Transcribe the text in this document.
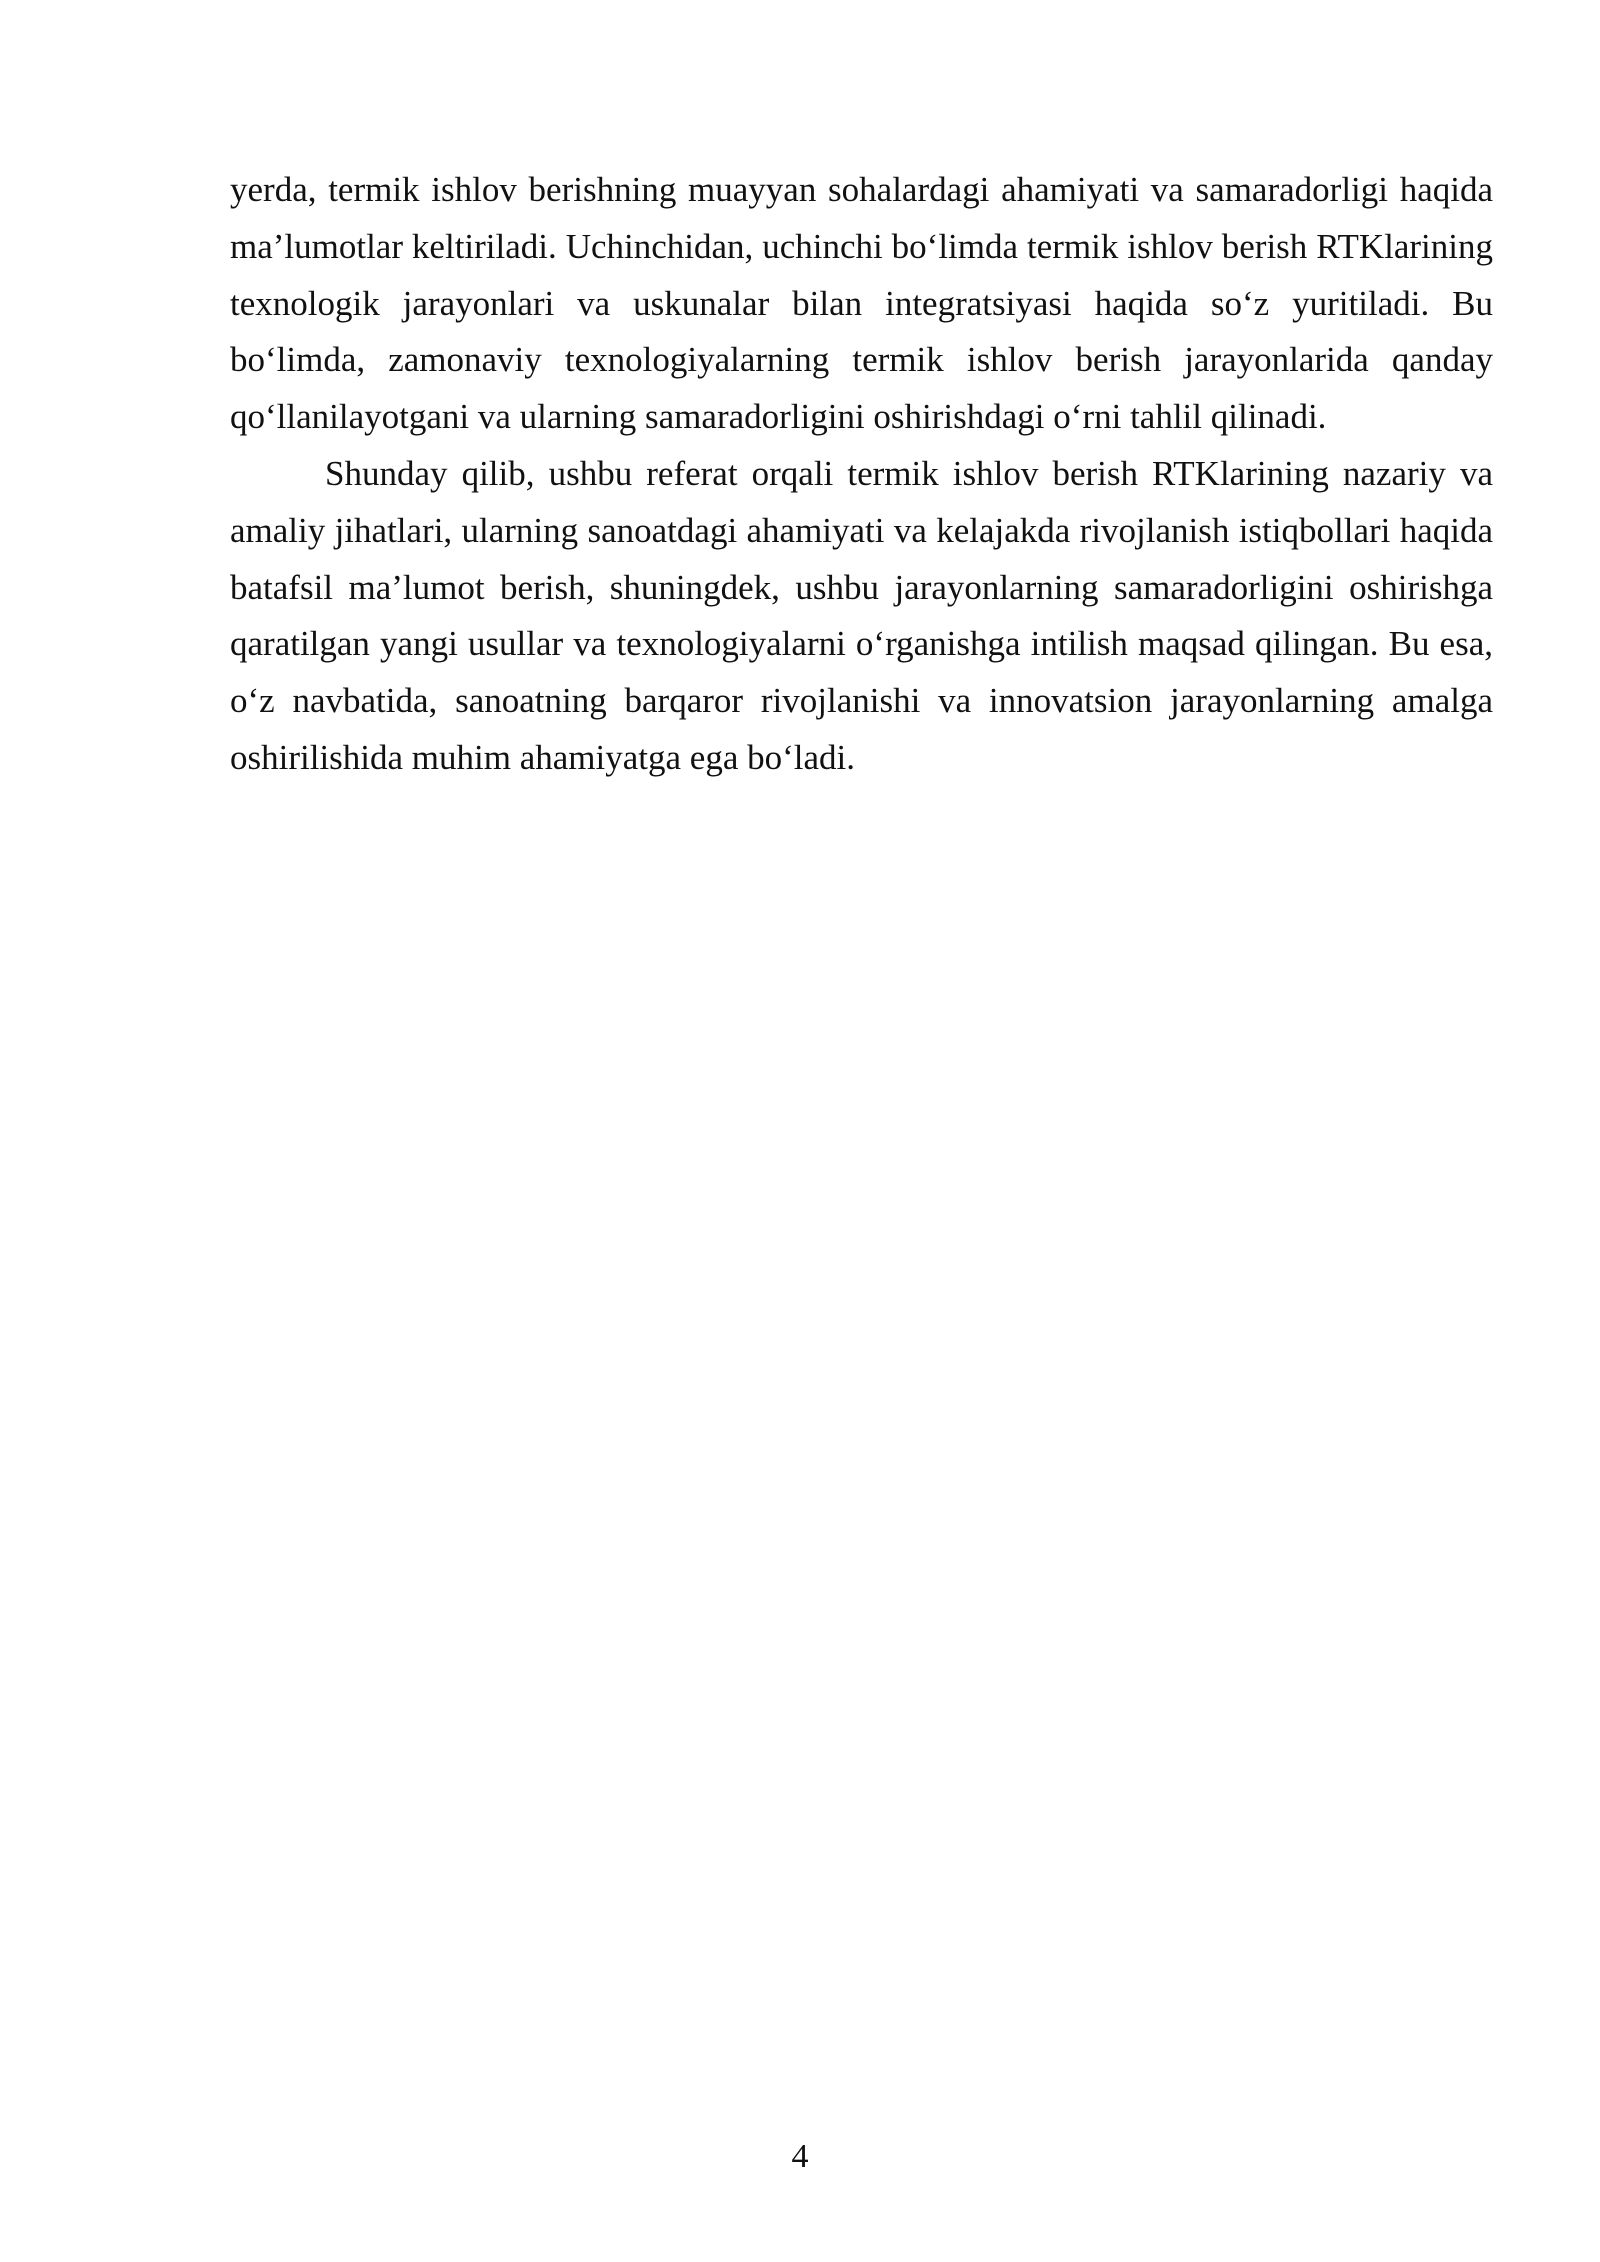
yerda, termik ishlov berishning muayyan sohalardagi ahamiyati va samaradorligi haqida ma’lumotlar keltiriladi. Uchinchidan, uchinchi bo‘limda termik ishlov berish RTKlarining texnologik jarayonlari va uskunalar bilan integratsiyasi haqida so‘z yuritiladi. Bu bo‘limda, zamonaviy texnologiyalarning termik ishlov berish jarayonlarida qanday qo‘llanilayotgani va ularning samaradorligini oshirishdagi o‘rni tahlil qilinadi.

Shunday qilib, ushbu referat orqali termik ishlov berish RTKlarining nazariy va amaliy jihatlari, ularning sanoatdagi ahamiyati va kelajakda rivojlanish istiqbollari haqida batafsil ma’lumot berish, shuningdek, ushbu jarayonlarning samaradorligini oshirishga qaratilgan yangi usullar va texnologiyalarni o‘rganishga intilish maqsad qilingan. Bu esa, o‘z navbatida, sanoatning barqaror rivojlanishi va innovatsion jarayonlarning amalga oshirilishida muhim ahamiyatga ega bo‘ladi.

4
